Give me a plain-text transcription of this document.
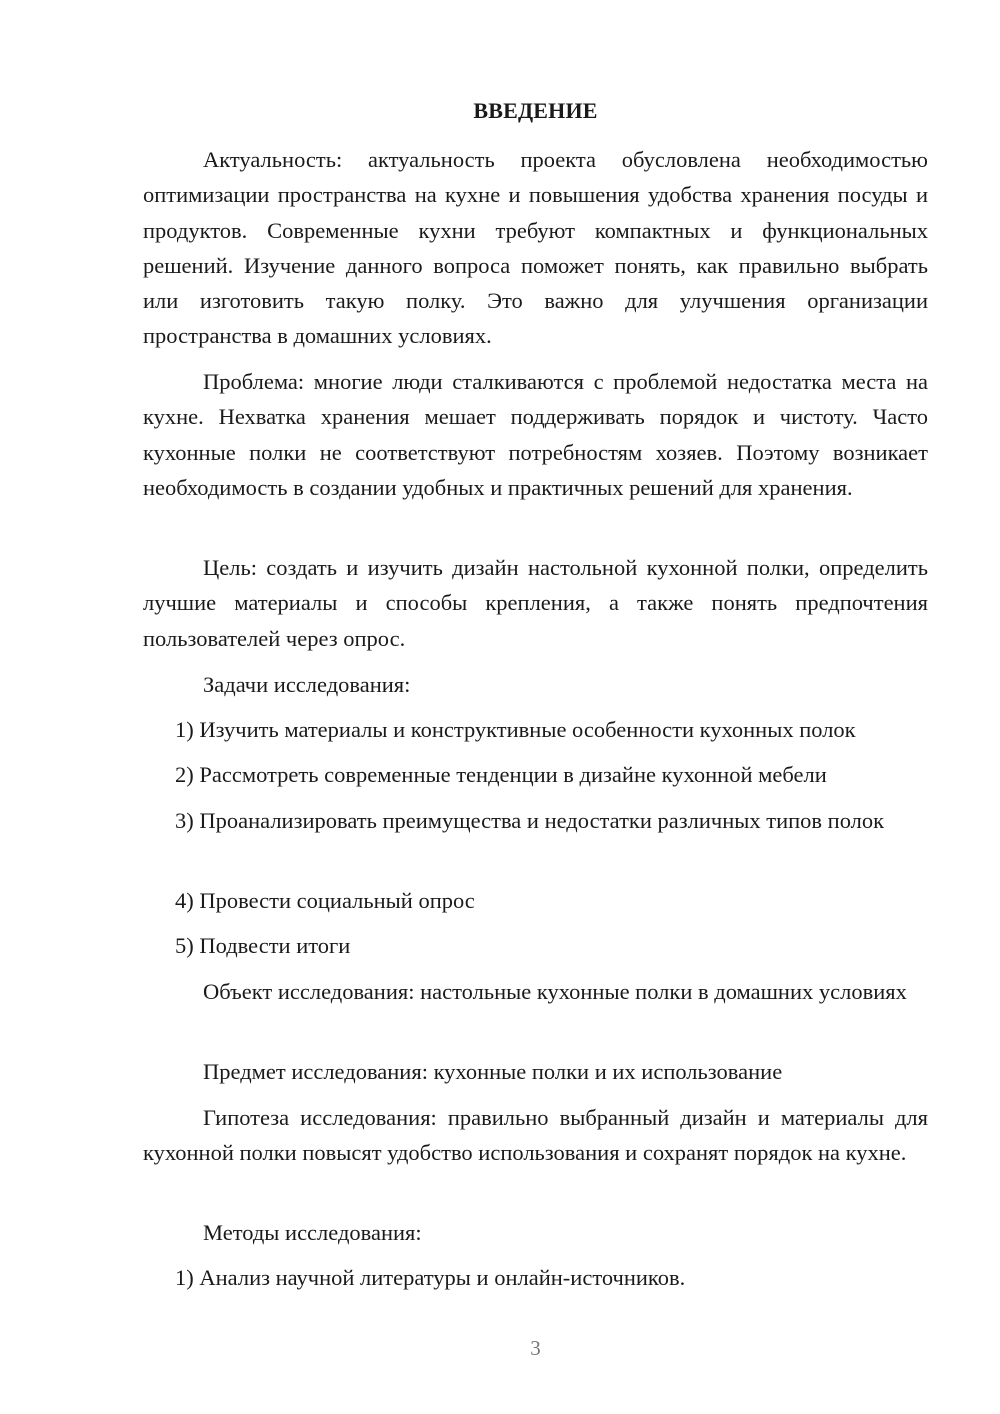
ВВЕДЕНИЕ

Актуальность: актуальность проекта обусловлена необходимостью оптимизации пространства на кухне и повышения удобства хранения посуды и продуктов. Современные кухни требуют компактных и функциональных решений. Изучение данного вопроса поможет понять, как правильно выбрать или изготовить такую полку. Это важно для улучшения организации пространства в домашних условиях.

Проблема: многие люди сталкиваются с проблемой недостатка места на кухне. Нехватка хранения мешает поддерживать порядок и чистоту. Часто кухонные полки не соответствуют потребностям хозяев. Поэтому возникает необходимость в создании удобных и практичных решений для хранения.

Цель: создать и изучить дизайн настольной кухонной полки, определить лучшие материалы и способы крепления, а также понять предпочтения пользователей через опрос.

Задачи исследования:

1) Изучить материалы и конструктивные особенности кухонных полок

2) Рассмотреть современные тенденции в дизайне кухонной мебели

3) Проанализировать преимущества и недостатки различных типов полок

4) Провести социальный опрос

5) Подвести итоги

Объект исследования: настольные кухонные полки в домашних условиях

Предмет исследования: кухонные полки и их использование

Гипотеза исследования: правильно выбранный дизайн и материалы для кухонной полки повысят удобство использования и сохранят порядок на кухне.

Методы исследования:

1) Анализ научной литературы и онлайн-источников.

3
